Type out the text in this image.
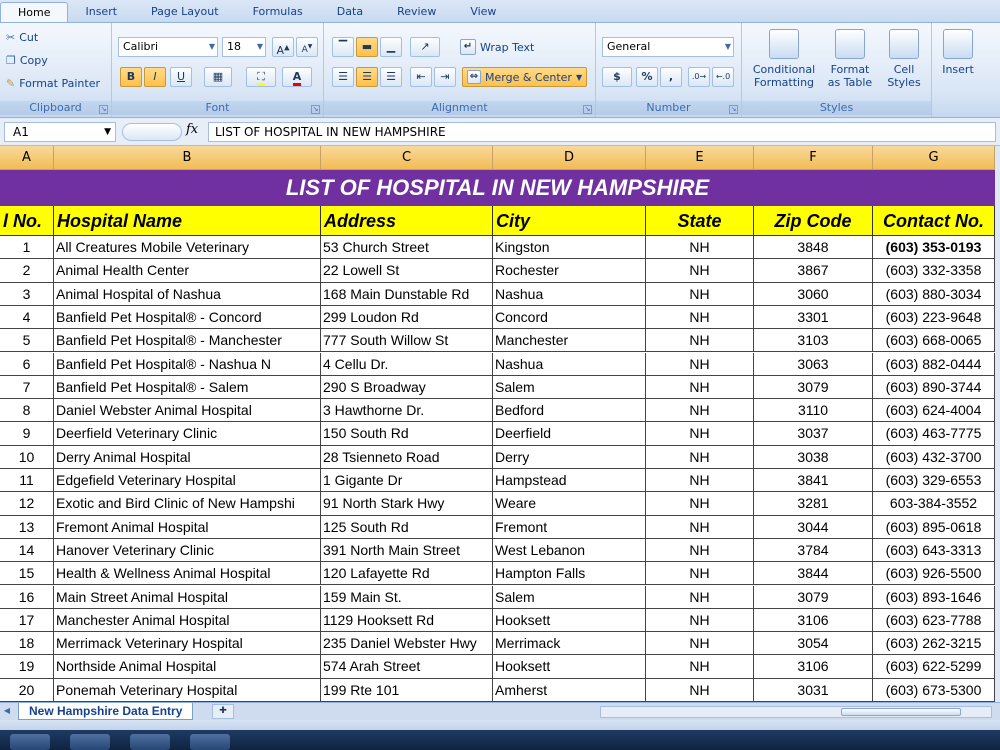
Home	Insert	Page Layout	Formulas	Data	Review	View
✂ Cut
❐ Copy
✎ Format Painter
Clipboard	↘
Calibri	▼	18 ▼	A▲	A▼
B	I	U	▦	⛶	A
Font	↘
▔	▬	▁	↗	↵ Wrap Text
☰	☰	☰	⇤	⇥	⇔ Merge & Center ▼
Alignment	↘
General	▼
$	%	,	.0→	←.0
Number	↘
Conditional
Formatting
Format
as Table
Cell
Styles
Styles
Insert
A1	▼	fx	LIST OF HOSPITAL IN NEW HAMPSHIRE
A	B	C	D	E	F	G
LIST OF HOSPITAL IN NEW HAMPSHIRE
l No. Hospital Name	Address	City	State	Zip Code	Contact No.
1	All Creatures Mobile Veterinary	53 Church Street	Kingston	NH	3848	(603) 353-0193
2	Animal Health Center	22 Lowell St	Rochester	NH	3867	(603) 332-3358
3	Animal Hospital of Nashua	168 Main Dunstable Rd	Nashua	NH	3060	(603) 880-3034
4	Banfield Pet Hospital® - Concord	299 Loudon Rd	Concord	NH	3301	(603) 223-9648
5	Banfield Pet Hospital® - Manchester	777 South Willow St	Manchester	NH	3103	(603) 668-0065
6	Banfield Pet Hospital® - Nashua N	4 Cellu Dr.	Nashua	NH	3063	(603) 882-0444
7	Banfield Pet Hospital® - Salem	290 S Broadway	Salem	NH	3079	(603) 890-3744
8	Daniel Webster Animal Hospital	3 Hawthorne Dr.	Bedford	NH	3110	(603) 624-4004
9	Deerfield Veterinary Clinic	150 South Rd	Deerfield	NH	3037	(603) 463-7775
10	Derry Animal Hospital	28 Tsienneto Road	Derry	NH	3038	(603) 432-3700
11	Edgefield Veterinary Hospital	1 Gigante Dr	Hampstead	NH	3841	(603) 329-6553
12	Exotic and Bird Clinic of New Hampshi	91 North Stark Hwy	Weare	NH	3281	603-384-3552
13	Fremont Animal Hospital	125 South Rd	Fremont	NH	3044	(603) 895-0618
14	Hanover Veterinary Clinic	391 North Main Street	West Lebanon	NH	3784	(603) 643-3313
15	Health & Wellness Animal Hospital	120 Lafayette Rd	Hampton Falls	NH	3844	(603) 926-5500
16	Main Street Animal Hospital	159 Main St.	Salem	NH	3079	(603) 893-1646
17	Manchester Animal Hospital	1129 Hooksett Rd	Hooksett	NH	3106	(603) 623-7788
18	Merrimack Veterinary Hospital	235 Daniel Webster Hwy	Merrimack	NH	3054	(603) 262-3215
19	Northside Animal Hospital	574 Arah Street	Hooksett	NH	3106	(603) 622-5299
20	Ponemah Veterinary Hospital	199 Rte 101	Amherst	NH	3031	(603) 673-5300
◀	New Hampshire Data Entry	✚
